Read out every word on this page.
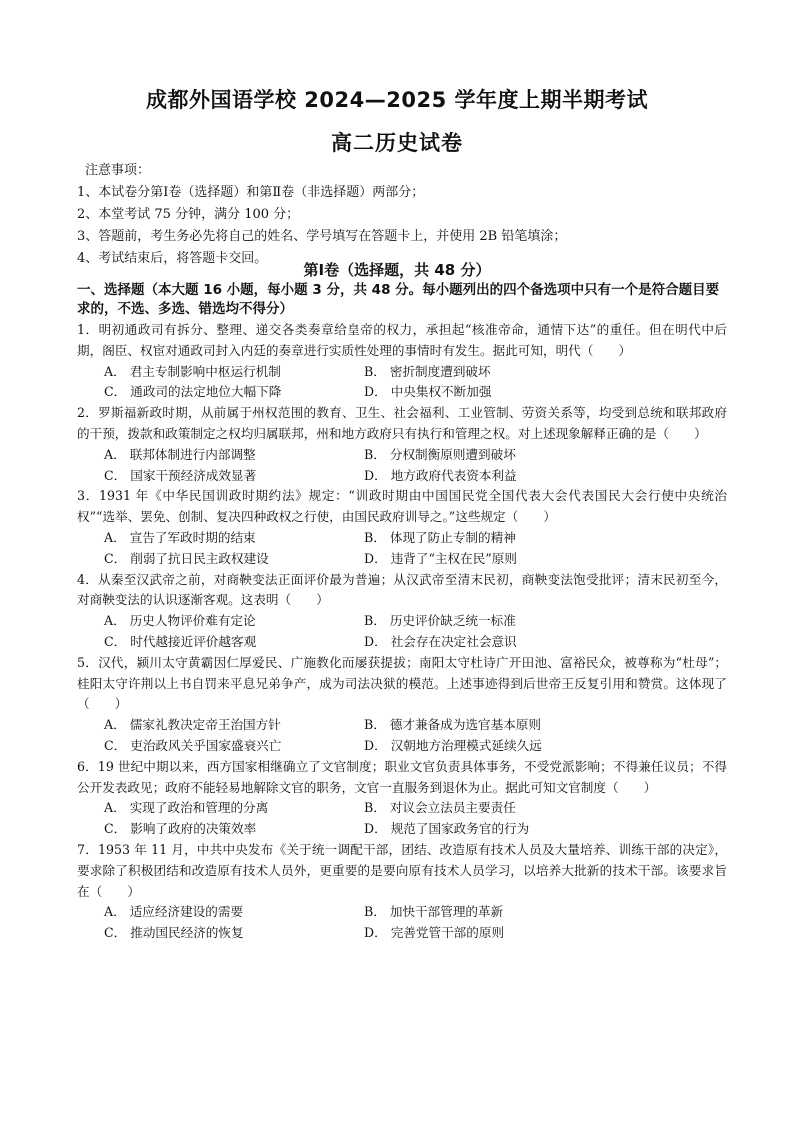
成都外国语学校 2024—2025 学年度上期半期考试
高二历史试卷
注意事项：
1、本试卷分第Ⅰ卷（选择题）和第Ⅱ卷（非选择题）两部分；
2、本堂考试 75 分钟，满分 100 分；
3、答题前，考生务必先将自己的姓名、学号填写在答题卡上，并使用 2B 铅笔填涂；
4、考试结束后，将答题卡交回。
第Ⅰ卷（选择题，共 48 分）
一、选择题（本大题 16 小题，每小题 3 分，共 48 分。每小题列出的四个备选项中只有一个是符合题目要求的，不选、多选、错选均不得分）
1．明初通政司有拆分、整理、递交各类奏章给皇帝的权力，承担起“核准帝命，通情下达”的重任。但在明代中后期，阁臣、权宦对通政司封入内廷的奏章进行实质性处理的事情时有发生。据此可知，明代（　　）
A． 君主专制影响中枢运行机制	B． 密折制度遭到破坏
C． 通政司的法定地位大幅下降	D． 中央集权不断加强
2．罗斯福新政时期，从前属于州权范围的教育、卫生、社会福利、工业管制、劳资关系等，均受到总统和联邦政府的干预，拨款和政策制定之权均归属联邦，州和地方政府只有执行和管理之权。对上述现象解释正确的是（　　）
A． 联邦体制进行内部调整	B． 分权制衡原则遭到破坏
C． 国家干预经济成效显著	D． 地方政府代表资本利益
3．1931 年《中华民国训政时期约法》规定：“训政时期由中国国民党全国代表大会代表国民大会行使中央统治权”“选举、罢免、创制、复决四种政权之行使，由国民政府训导之。”这些规定（　　）
A． 宣告了军政时期的结束	B． 体现了防止专制的精神
C． 削弱了抗日民主政权建设	D． 违背了“主权在民”原则
4．从秦至汉武帝之前，对商鞅变法正面评价最为普遍；从汉武帝至清末民初，商鞅变法饱受批评；清末民初至今，对商鞅变法的认识逐渐客观。这表明（　　）
A． 历史人物评价难有定论	B． 历史评价缺乏统一标准
C． 时代越接近评价越客观	D． 社会存在决定社会意识
5．汉代，颍川太守黄霸因仁厚爱民、广施教化而屡获提拔；南阳太守杜诗广开田池、富裕民众，被尊称为“杜母”；桂阳太守许荆以上书自罚来平息兄弟争产，成为司法决狱的模范。上述事迹得到后世帝王反复引用和赞赏。这体现了（　　）
A． 儒家礼教决定帝王治国方针	B． 德才兼备成为选官基本原则
C． 吏治政风关乎国家盛衰兴亡	D． 汉朝地方治理模式延续久远
6．19 世纪中期以来，西方国家相继确立了文官制度；职业文官负责具体事务，不受党派影响；不得兼任议员；不得公开发表政见；政府不能轻易地解除文官的职务，文官一直服务到退休为止。据此可知文官制度（　　）
A． 实现了政治和管理的分离	B． 对议会立法员主要责任
C． 影响了政府的决策效率	D． 规范了国家政务官的行为
7．1953 年 11 月，中共中央发布《关于统一调配干部，团结、改造原有技术人员及大量培养、训练干部的决定》，要求除了积极团结和改造原有技术人员外，更重要的是要向原有技术人员学习，以培养大批新的技术干部。该要求旨在（　　）
A． 适应经济建设的需要	B． 加快干部管理的革新
C． 推动国民经济的恢复	D． 完善党管干部的原则
